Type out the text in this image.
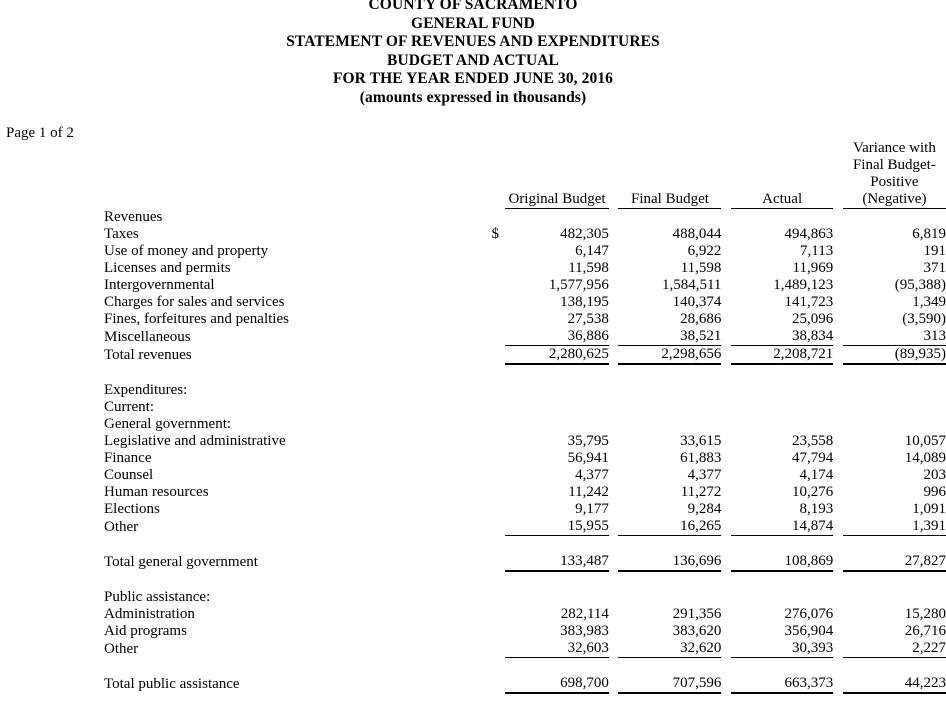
COUNTY OF SACRAMENTO
GENERAL FUND
STATEMENT OF REVENUES AND EXPENDITURES
BUDGET AND ACTUAL
FOR THE YEAR ENDED JUNE 30, 2016
(amounts expressed in thousands)
Page 1 of 2
		Original Budget		Final Budget		Actual		Variance with
Final Budget-
Positive
(Negative)

Revenues								
Taxes	$	482,305		488,044		494,863		6,819
Use of money and property		6,147		6,922		7,113		191
Licenses and permits		11,598		11,598		11,969		371
Intergovernmental		1,577,956		1,584,511		1,489,123		(95,388)
Charges for sales and services		138,195		140,374		141,723		1,349
Fines, forfeitures and penalties		27,538		28,686		25,096		(3,590)
Miscellaneous		36,886		38,521		38,834		313
Total revenues		2,280,625		2,298,656		2,208,721		(89,935)

Expenditures:								
Current:								
General government:								
Legislative and administrative		35,795		33,615		23,558		10,057
Finance		56,941		61,883		47,794		14,089
Counsel		4,377		4,377		4,174		203
Human resources		11,242		11,272		10,276		996
Elections		9,177		9,284		8,193		1,091
Other		15,955		16,265		14,874		1,391

Total general government		133,487		136,696		108,869		27,827

Public assistance:								
Administration		282,114		291,356		276,076		15,280
Aid programs		383,983		383,620		356,904		26,716
Other		32,603		32,620		30,393		2,227

Total public assistance		698,700		707,596		663,373		44,223
